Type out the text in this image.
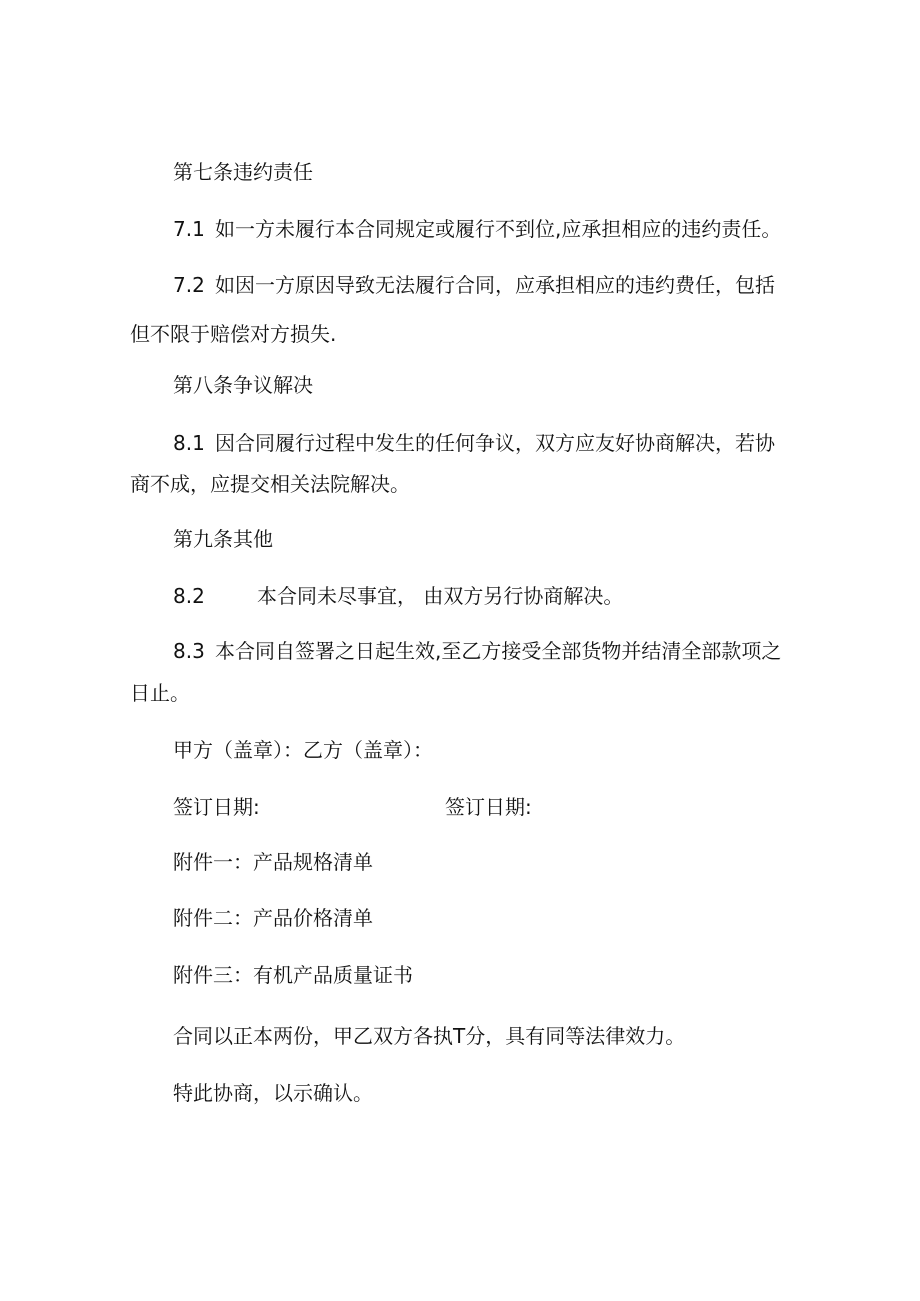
第七条违约责任
7.1 如一方未履行本合同规定或履行不到位,应承担相应的违约责任。
7.2 如因一方原因导致无法履行合同，应承担相应的违约费任，包括
但不限于赔偿对方损失.
第八条争议解决
8.1 因合同履行过程中发生的任何争议，双方应友好协商解决，若协
商不成，应提交相关法院解决。
第九条其他
8.2	本合同未尽事宜， 由双方另行协商解决。
8.3 本合同自签署之日起生效,至乙方接受全部货物并结清全部款项之
日止。
甲方（盖章）：乙方（盖章）：
签订日期:	签订日期:
附件一：产品规格清单
附件二：产品价格清单
附件三：有机产品质量证书
合同以正本两份，甲乙双方各执T分，具有同等法律效力。
特此协商，以示确认。
